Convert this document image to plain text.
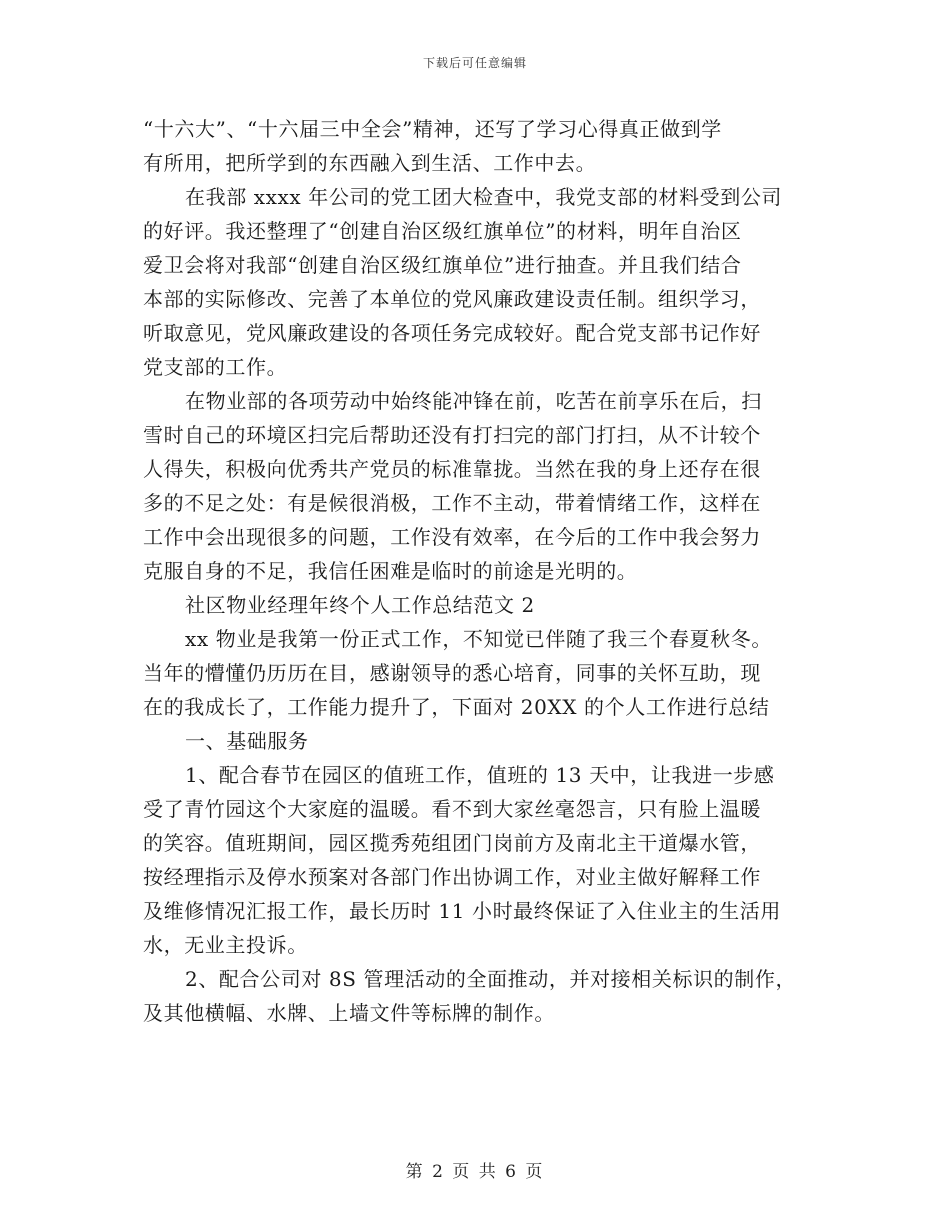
下载后可任意编辑
“十六大”、“十六届三中全会”精神，还写了学习心得真正做到学
有所用，把所学到的东西融入到生活、工作中去。
在我部 xxxx 年公司的党工团大检查中，我党支部的材料受到公司
的好评。我还整理了“创建自治区级红旗单位”的材料，明年自治区
爱卫会将对我部“创建自治区级红旗单位”进行抽查。并且我们结合
本部的实际修改、完善了本单位的党风廉政建设责任制。组织学习，
听取意见，党风廉政建设的各项任务完成较好。配合党支部书记作好
党支部的工作。
在物业部的各项劳动中始终能冲锋在前，吃苦在前享乐在后，扫
雪时自己的环境区扫完后帮助还没有打扫完的部门打扫，从不计较个
人得失，积极向优秀共产党员的标准靠拢。当然在我的身上还存在很
多的不足之处：有是候很消极，工作不主动，带着情绪工作，这样在
工作中会出现很多的问题，工作没有效率，在今后的工作中我会努力
克服自身的不足，我信任困难是临时的前途是光明的。
社区物业经理年终个人工作总结范文 2
xx 物业是我第一份正式工作，不知觉已伴随了我三个春夏秋冬。
当年的懵懂仍历历在目，感谢领导的悉心培育，同事的关怀互助，现
在的我成长了，工作能力提升了，下面对 20XX 的个人工作进行总结
一、基础服务
1、配合春节在园区的值班工作，值班的 13 天中，让我进一步感
受了青竹园这个大家庭的温暖。看不到大家丝毫怨言，只有脸上温暖
的笑容。值班期间，园区揽秀苑组团门岗前方及南北主干道爆水管，
按经理指示及停水预案对各部门作出协调工作，对业主做好解释工作
及维修情况汇报工作，最长历时 11 小时最终保证了入住业主的生活用
水，无业主投诉。
2、配合公司对 8S 管理活动的全面推动，并对接相关标识的制作，
及其他横幅、水牌、上墙文件等标牌的制作。
第 2 页 共 6 页
